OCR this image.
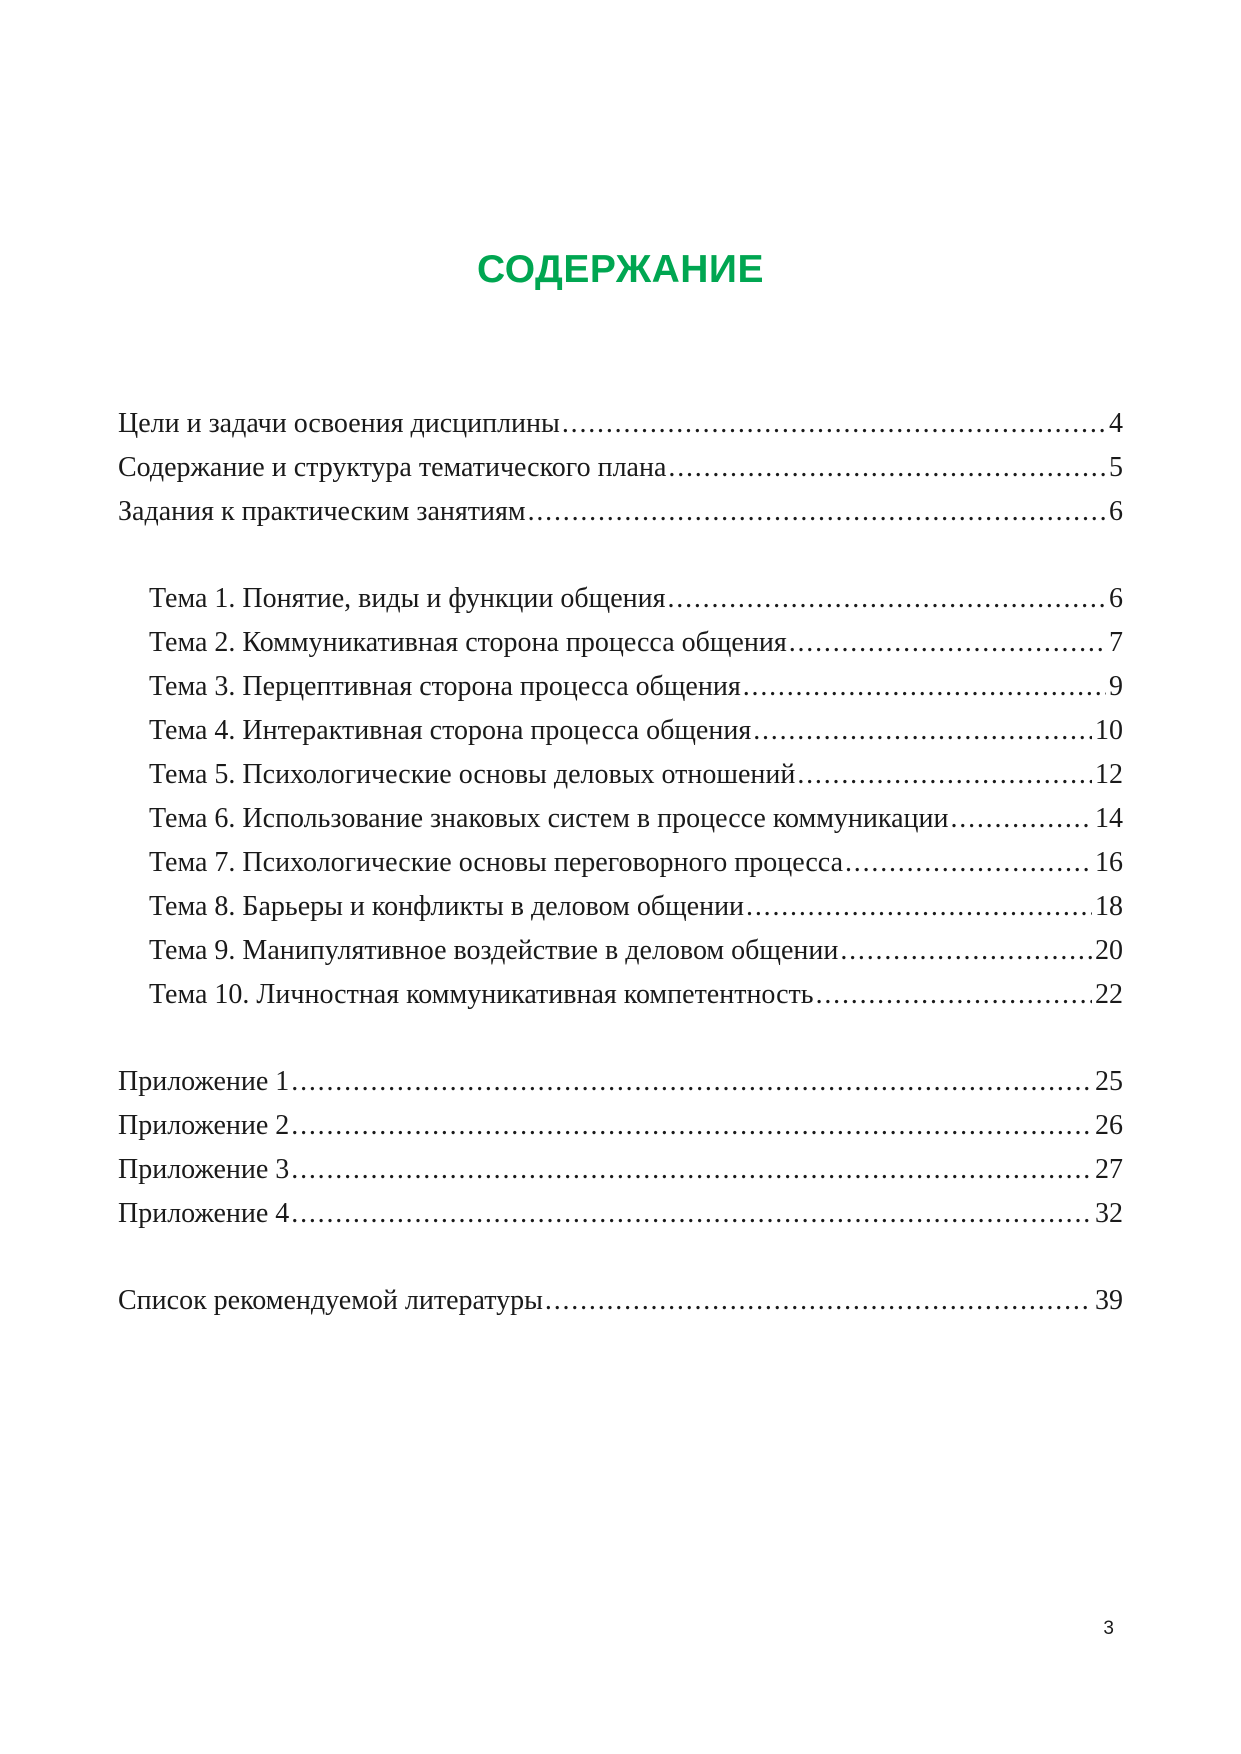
СОДЕРЖАНИЕ
Цели и задачи освоения дисциплины . . .	4
Содержание и структура тематического плана . . .	5
Задания к практическим занятиям . . .	6
Тема 1. Понятие, виды и функции общения . . .	6
Тема 2. Коммуникативная сторона процесса общения . . .	7
Тема 3. Перцептивная сторона процесса общения . . .	9
Тема 4. Интерактивная сторона процесса общения . . .	10
Тема 5. Психологические основы деловых отношений . . .	12
Тема 6. Использование знаковых систем в процессе коммуникации . . .	14
Тема 7. Психологические основы переговорного процесса . . .	16
Тема 8. Барьеры и конфликты в деловом общении . . .	18
Тема 9. Манипулятивное воздействие в деловом общении . . .	20
Тема 10. Личностная коммуникативная компетентность . . .	22
Приложение 1 . . .	25
Приложение 2 . . .	26
Приложение 3 . . .	27
Приложение 4 . . .	32
Список рекомендуемой литературы . . .	39
3
